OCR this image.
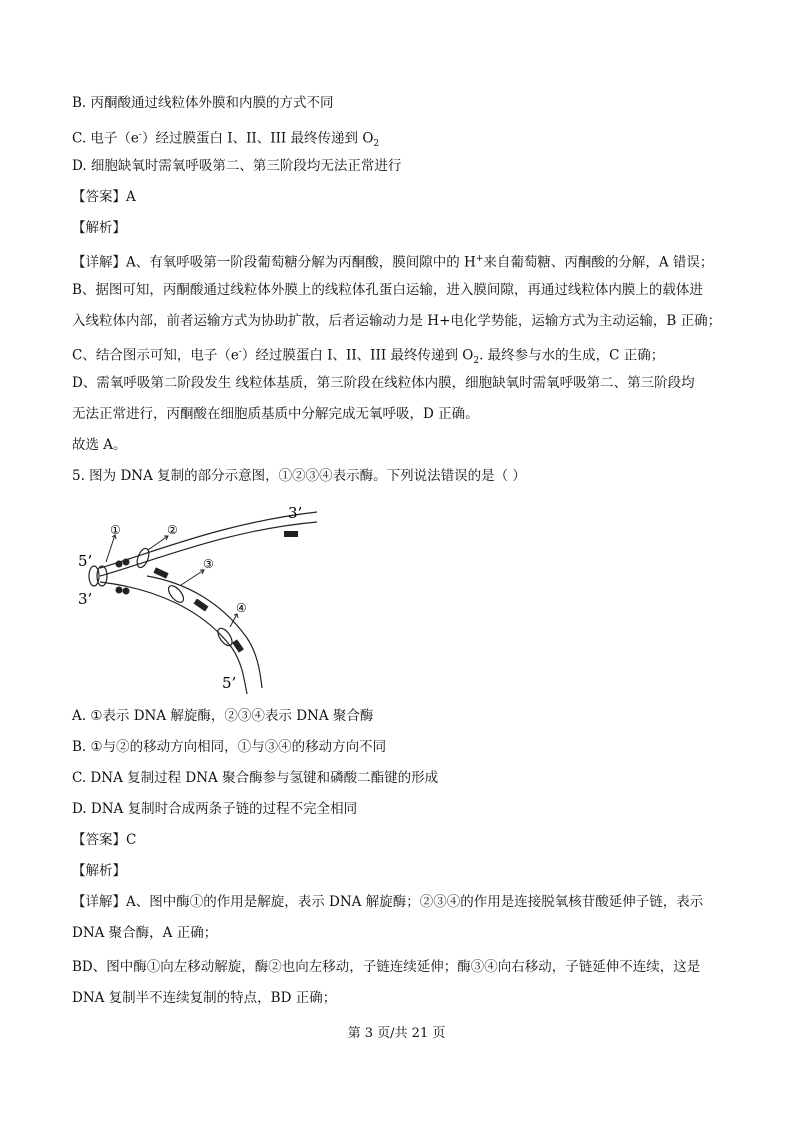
B. 丙酮酸通过线粒体外膜和内膜的方式不同
C. 电子（e-）经过膜蛋白 I、II、III 最终传递到 $O_2$
D. 细胞缺氧时需氧呼吸第二、第三阶段均无法正常进行
【答案】A
【解析】
【详解】A、有氧呼吸第一阶段葡萄糖分解为丙酮酸，膜间隙中的 H+来自葡萄糖、丙酮酸的分解，A 错误；
B、据图可知，丙酮酸通过线粒体外膜上的线粒体孔蛋白运输，进入膜间隙，再通过线粒体内膜上的载体进
入线粒体内部，前者运输方式为协助扩散，后者运输动力是 H+电化学势能，运输方式为主动运输，B 正确；
C、结合图示可知，电子（e-）经过膜蛋白 I、II、III 最终传递到 $O_2$. 最终参与水的生成，C 正确；
D、需氧呼吸第二阶段发生 线粒体基质，第三阶段在线粒体内膜，细胞缺氧时需氧呼吸第二、第三阶段均
无法正常进行，丙酮酸在细胞质基质中分解完成无氧呼吸，D 正确。
故选 A。
5. 图为 DNA 复制的部分示意图，①②③④表示酶。下列说法错误的是（ ）
3’
5’
3’
5’
①	②
③
④
A. ①表示 DNA 解旋酶，②③④表示 DNA 聚合酶
B. ①与②的移动方向相同，①与③④的移动方向不同
C. DNA 复制过程 DNA 聚合酶参与氢键和磷酸二酯键的形成
D. DNA 复制时合成两条子链的过程不完全相同
【答案】C
【解析】
【详解】A、图中酶①的作用是解旋，表示 DNA 解旋酶；②③④的作用是连接脱氧核苷酸延伸子链，表示
DNA 聚合酶，A 正确；
BD、图中酶①向左移动解旋，酶②也向左移动，子链连续延伸；酶③④向右移动，子链延伸不连续，这是
DNA 复制半不连续复制的特点，BD 正确；
第 3 页/共 21 页
